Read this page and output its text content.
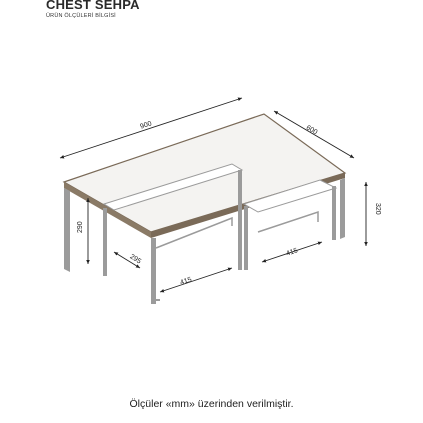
CHEST SEHPA
ÜRÜN ÖLÇÜLERİ BİLGİSİ
900	600
320
290
295
415
415
Ölçüler «mm» üzerinden verilmiştir.
